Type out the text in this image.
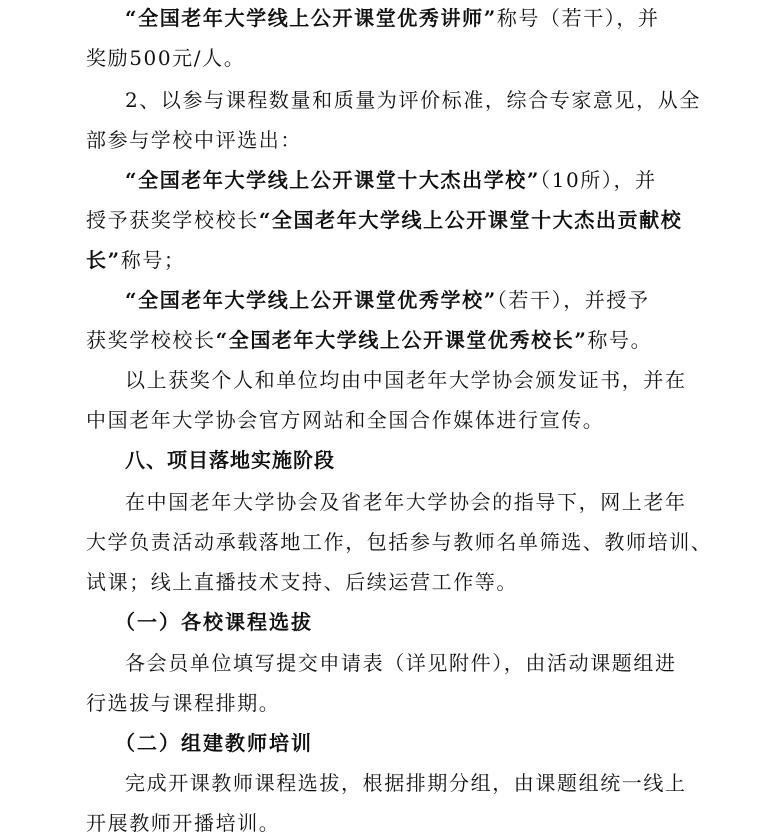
“全国老年大学线上公开课堂优秀讲师”称号（若干），并
奖励500元/人。
2、以参与课程数量和质量为评价标准，综合专家意见，从全
部参与学校中评选出：
“全国老年大学线上公开课堂十大杰出学校”（10所），并
授予获奖学校校长“全国老年大学线上公开课堂十大杰出贡献校
长”称号；
“全国老年大学线上公开课堂优秀学校”（若干），并授予
获奖学校校长“全国老年大学线上公开课堂优秀校长”称号。
以上获奖个人和单位均由中国老年大学协会颁发证书，并在
中国老年大学协会官方网站和全国合作媒体进行宣传。
八、项目落地实施阶段
在中国老年大学协会及省老年大学协会的指导下，网上老年
大学负责活动承载落地工作，包括参与教师名单筛选、教师培训、
试课；线上直播技术支持、后续运营工作等。
（一）各校课程选拔
各会员单位填写提交申请表（详见附件），由活动课题组进
行选拔与课程排期。
（二）组建教师培训
完成开课教师课程选拔，根据排期分组，由课题组统一线上
开展教师开播培训。
